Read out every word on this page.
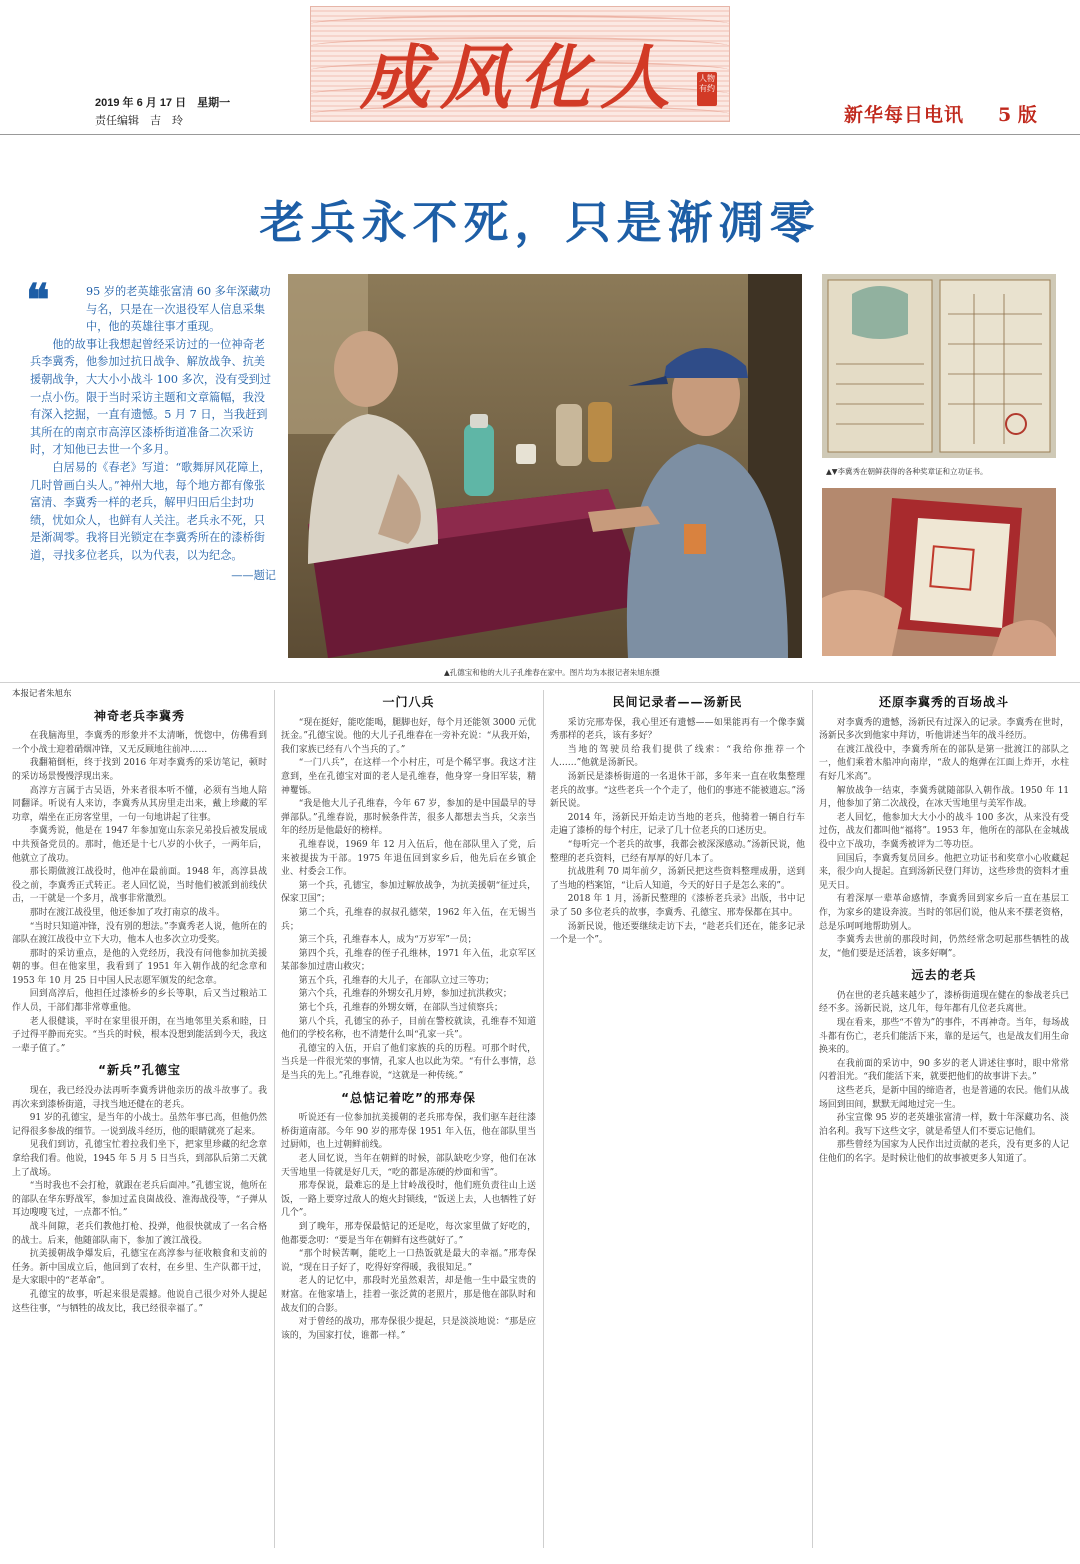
成风化人 人物有约
2019 年 6 月 17 日　星期一
责任编辑　吉　玲	新华每日电讯 5 版
老兵永不死，只是渐凋零
❝	95 岁的老英雄张富清 60 多年深藏功与名，只是在一次退役军人信息采集中，他的英雄往事才重现。

他的故事让我想起曾经采访过的一位神奇老兵李冀秀，他参加过抗日战争、解放战争、抗美援朝战争，大大小小战斗 100 多次，没有受到过一点小伤。限于当时采访主题和文章篇幅，我没有深入挖掘，一直有遗憾。5 月 7 日，当我赶到其所在的南京市高淳区漆桥街道准备二次采访时，才知他已去世一个多月。

白居易的《春老》写道：“歌舞屏风花障上，几时曾画白头人。”神州大地，每个地方都有像张富清、李冀秀一样的老兵，解甲归田后尘封功绩，忧如众人，也鲜有人关注。老兵永不死，只是渐凋零。我将目光锁定在李冀秀所在的漆桥街道，寻找多位老兵，以为代表，以为纪念。

——题记

▲孔德宝和他的大儿子孔维春在家中。图片均为本报记者朱旭东摄
▲▼李冀秀在朝鲜获得的各种奖章证和立功证书。

本报记者朱旭东

神奇老兵李冀秀

在我脑海里，李冀秀的形象并不太清晰，恍惚中，仿佛看到一个小战士迎着硝烟冲锋，又无反顾地往前冲……

我翻箱倒柜，终于找到 2016 年对李冀秀的采访笔记，顿时的采访场景慢慢浮现出来。

高淳方言属于古吴语，外来者很本听不懂，必须有当地人陪同翻译。听说有人来访，李冀秀从其房里走出来，戴上珍藏的军功章，端坐在正房客堂里，一句一句地讲起了往事。

李冀秀说，他是在 1947 年参加宽山东亲兄弟投后被发展成中共预备党员的。那时，他还是十七八岁的小伙子，一两年后，他就立了战功。

那长期做渡江战役时，他冲在最前面。1948 年，高淳县战役之前，李冀秀正式转正。老人回忆说，当时他们被派到前线伏击，一干就是一个多月，战事非常激烈。

那时在渡江战役里，他还参加了攻打南京的战斗。

“当时只知道冲锋，没有别的想法。”李冀秀老人说，他所在的部队在渡江战役中立下大功，他本人也多次立功受奖。

那时的采访重点，是他的入党经历，我没有问他参加抗美援朝的事。但在他家里，我看到了 1951 年入朝作战的纪念章和 1953 年 10 月 25 日中国人民志愿军颁发的纪念章。

回到高淳后，他担任过漆桥乡的乡长等职，后又当过粮站工作人员，干部们都非常尊重他。

老人很健谈，平时在家里很开朗，在当地邻里关系和睦，日子过得平静而充实。“当兵的时候，根本没想到能活到今天，我这一辈子值了。”

“新兵”孔德宝

现在，我已经没办法再听李冀秀讲他亲历的战斗故事了。我再次来到漆桥街道，寻找当地还健在的老兵。

91 岁的孔德宝，是当年的小战士。虽然年事已高，但他仍然记得很多参战的细节。一说到战斗经历，他的眼睛就亮了起来。

见我们到访，孔德宝忙着拉我们坐下，把家里珍藏的纪念章拿给我们看。他说，1945 年 5 月 5 日当兵，到部队后第二天就上了战场。

“当时我也不会打枪，就跟在老兵后面冲。”孔德宝说，他所在的部队在华东野战军，参加过孟良崮战役、淮海战役等，“子弹从耳边嗖嗖飞过，一点都不怕。”

战斗间隙，老兵们教他打枪、投弹，他很快就成了一名合格的战士。后来，他随部队南下，参加了渡江战役。

抗美援朝战争爆发后，孔德宝在高淳参与征收粮食和支前的任务。新中国成立后，他回到了农村，在乡里、生产队都干过，是大家眼中的“老革命”。

孔德宝的故事，听起来很是震撼。他说自己很少对外人提起这些往事，“与牺牲的战友比，我已经很幸福了。”

一门八兵

“现在挺好，能吃能喝，腿脚也好，每个月还能领 3000 元优抚金。”孔德宝说。他的大儿子孔维春在一旁补充说：“从我开始，我们家族已经有八个当兵的了。”

“一门八兵”，在这样一个小村庄，可是个稀罕事。我这才注意到，坐在孔德宝对面的老人是孔维春，他身穿一身旧军装，精神矍铄。

“我是他大儿子孔维春，今年 67 岁，参加的是中国最早的导弹部队。”孔维春说，那时候条件苦，很多人都想去当兵，父亲当年的经历是他最好的榜样。

孔维春说，1969 年 12 月入伍后，他在部队里入了党，后来被提拔为干部。1975 年退伍回到家乡后，他先后在乡镇企业、村委会工作。

第一个兵，孔德宝，参加过解放战争，为抗美援朝“征过兵，保家卫国”；

第二个兵，孔维春的叔叔孔德荣，1962 年入伍，在无锡当兵；

第三个兵，孔维春本人，成为“万岁军”一员；

第四个兵，孔维春的侄子孔维林，1971 年入伍，北京军区某部参加过唐山救灾；

第五个兵，孔维春的大儿子，在部队立过三等功；

第六个兵，孔维春的外甥女孔月婷，参加过抗洪救灾；

第七个兵，孔维春的外甥女婿，在部队当过侦察兵；

第八个兵，孔德宝的孙子，目前在警校就读，孔维春不知道他们的学校名称，也不清楚什么叫“孔家一兵”。

孔德宝的入伍，开启了他们家族的兵的历程。可那个时代，当兵是一件很光荣的事情，孔家人也以此为荣。“有什么事情，总是当兵的先上。”孔维春说，“这就是一种传统。”

“总惦记着吃”的邢寿保

听说还有一位参加抗美援朝的老兵邢寿保，我们驱车赶往漆桥街道南部。今年 90 岁的邢寿保 1951 年入伍，他在部队里当过厨师，也上过朝鲜前线。

老人回忆说，当年在朝鲜的时候，部队缺吃少穿，他们在冰天雪地里一待就是好几天，“吃的都是冻硬的炒面和雪”。

邢寿保说，最难忘的是上甘岭战役时，他们班负责往山上送饭，一路上要穿过敌人的炮火封锁线，“饭送上去，人也牺牲了好几个”。

到了晚年，邢寿保最惦记的还是吃，每次家里做了好吃的，他都要念叨：“要是当年在朝鲜有这些就好了。”

“那个时候苦啊，能吃上一口热饭就是最大的幸福。”邢寿保说，“现在日子好了，吃得好穿得暖，我很知足。”

老人的记忆中，那段时光虽然艰苦，却是他一生中最宝贵的财富。在他家墙上，挂着一张泛黄的老照片，那是他在部队时和战友们的合影。

对于曾经的战功，邢寿保很少提起，只是淡淡地说：“那是应该的，为国家打仗，谁都一样。”

民间记录者——汤新民

采访完邢寿保，我心里还有遗憾——如果能再有一个像李冀秀那样的老兵，该有多好？

当地的驾驶员给我们提供了线索：“我给你推荐一个人……”他就是汤新民。

汤新民是漆桥街道的一名退休干部，多年来一直在收集整理老兵的故事。“这些老兵一个个走了，他们的事迹不能被遗忘。”汤新民说。

2014 年，汤新民开始走访当地的老兵，他骑着一辆自行车走遍了漆桥的每个村庄，记录了几十位老兵的口述历史。

“每听完一个老兵的故事，我都会被深深感动。”汤新民说，他整理的老兵资料，已经有厚厚的好几本了。

抗战胜利 70 周年前夕，汤新民把这些资料整理成册，送到了当地的档案馆，“让后人知道，今天的好日子是怎么来的”。

2018 年 1 月，汤新民整理的《漆桥老兵录》出版，书中记录了 50 多位老兵的故事，李冀秀、孔德宝、邢寿保都在其中。

汤新民说，他还要继续走访下去，“趁老兵们还在，能多记录一个是一个”。

还原李冀秀的百场战斗

对李冀秀的遗憾，汤新民有过深入的记录。李冀秀在世时，汤新民多次到他家中拜访，听他讲述当年的战斗经历。

在渡江战役中，李冀秀所在的部队是第一批渡江的部队之一，他们乘着木船冲向南岸，“敌人的炮弹在江面上炸开，水柱有好几米高”。

解放战争一结束，李冀秀就随部队入朝作战。1950 年 11 月，他参加了第二次战役，在冰天雪地里与美军作战。

老人回忆，他参加大大小小的战斗 100 多次，从来没有受过伤，战友们都叫他“福将”。1953 年，他所在的部队在金城战役中立下战功，李冀秀被评为二等功臣。

回国后，李冀秀复员回乡。他把立功证书和奖章小心收藏起来，很少向人提起。直到汤新民登门拜访，这些珍贵的资料才重见天日。

有着深厚一辈革命感情，李冀秀回到家乡后一直在基层工作，为家乡的建设奔波。当时的邻居们说，他从来不摆老资格，总是乐呵呵地帮助别人。

李冀秀去世前的那段时间，仍然经常念叨起那些牺牲的战友，“他们要是还活着，该多好啊”。

远去的老兵

仍在世的老兵越来越少了，漆桥街道现在健在的参战老兵已经不多。汤新民说，这几年，每年都有几位老兵离世。

现在看来，那些“不曾为”的事件，不再神奇。当年，每场战斗都有伤亡，老兵们能活下来，靠的是运气，也是战友们用生命换来的。

在我前面的采访中，90 多岁的老人讲述往事时，眼中常常闪着泪光。“我们能活下来，就要把他们的故事讲下去。”

这些老兵，是新中国的缔造者，也是普通的农民。他们从战场回到田间，默默无闻地过完一生。

孙宝宣像 95 岁的老英雄张富清一样，数十年深藏功名、淡泊名利。我写下这些文字，就是希望人们不要忘记他们。

那些曾经为国家为人民作出过贡献的老兵，没有更多的人记住他们的名字。是时候让他们的故事被更多人知道了。
